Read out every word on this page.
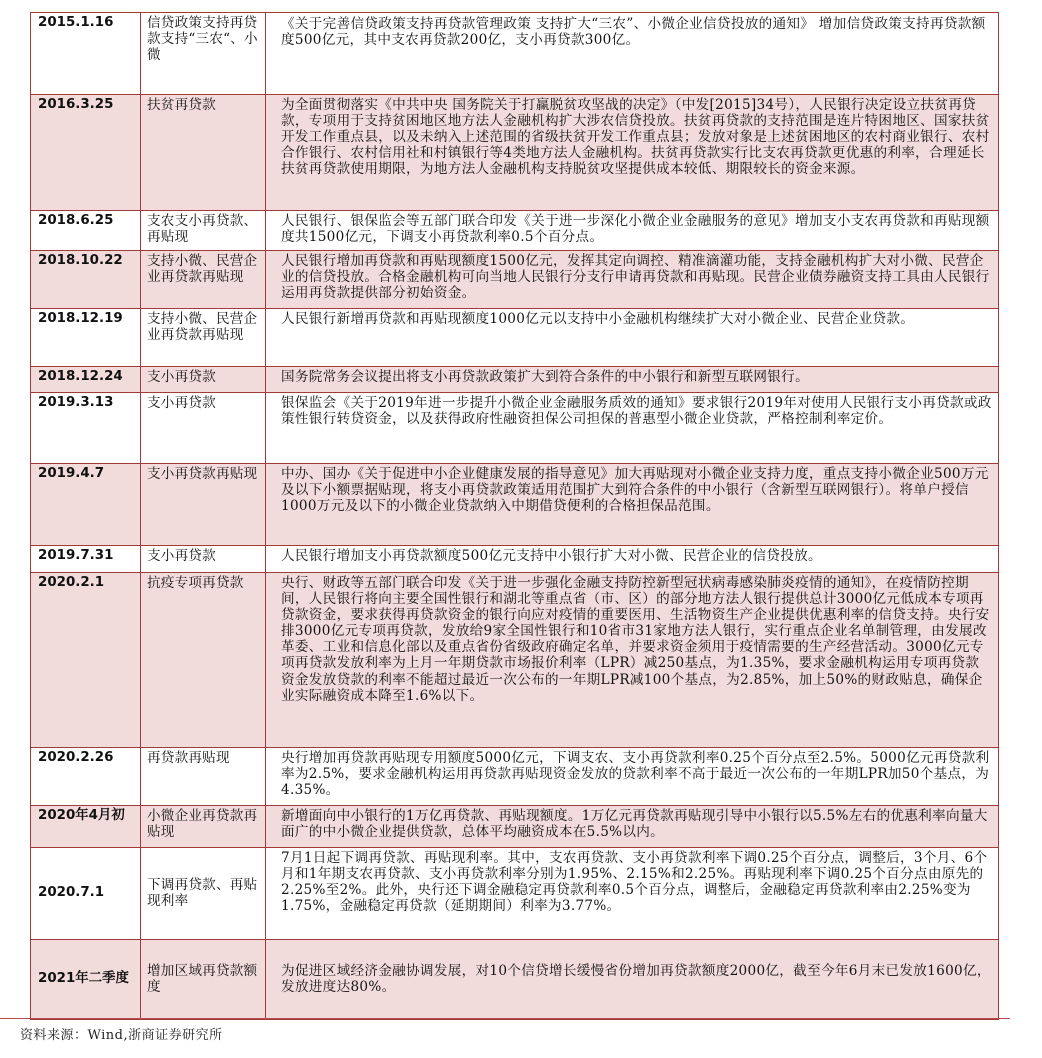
2015.1.16	信贷政策支持再贷款支持“三农“、小微	《关于完善信贷政策支持再贷款管理政策 支持扩大“三农”、小微企业信贷投放的通知》 增加信贷政策支持再贷款额度500亿元，其中支农再贷款200亿，支小再贷款300亿。
2016.3.25	扶贫再贷款	为全面贯彻落实《中共中央 国务院关于打赢脱贫攻坚战的决定》（中发[2015]34号），人民银行决定设立扶贫再贷款，专项用于支持贫困地区地方法人金融机构扩大涉农信贷投放。扶贫再贷款的支持范围是连片特困地区、国家扶贫开发工作重点县，以及未纳入上述范围的省级扶贫开发工作重点县；发放对象是上述贫困地区的农村商业银行、农村合作银行、农村信用社和村镇银行等4类地方法人金融机构。扶贫再贷款实行比支农再贷款更优惠的利率，合理延长扶贫再贷款使用期限，为地方法人金融机构支持脱贫攻坚提供成本较低、期限较长的资金来源。
2018.6.25	支农支小再贷款、再贴现	人民银行、银保监会等五部门联合印发《关于进一步深化小微企业金融服务的意见》增加支小支农再贷款和再贴现额度共1500亿元，下调支小再贷款利率0.5个百分点。
2018.10.22	支持小微、民营企业再贷款再贴现	人民银行增加再贷款和再贴现额度1500亿元，发挥其定向调控、精准滴灌功能，支持金融机构扩大对小微、民营企业的信贷投放。合格金融机构可向当地人民银行分支行申请再贷款和再贴现。民营企业债券融资支持工具由人民银行运用再贷款提供部分初始资金。
2018.12.19	支持小微、民营企业再贷款再贴现	人民银行新增再贷款和再贴现额度1000亿元以支持中小金融机构继续扩大对小微企业、民营企业贷款。
2018.12.24	支小再贷款	国务院常务会议提出将支小再贷款政策扩大到符合条件的中小银行和新型互联网银行。
2019.3.13	支小再贷款	银保监会《关于2019年进一步提升小微企业金融服务质效的通知》要求银行2019年对使用人民银行支小再贷款或政策性银行转贷资金，以及获得政府性融资担保公司担保的普惠型小微企业贷款，严格控制利率定价。
2019.4.7	支小再贷款再贴现	中办、国办《关于促进中小企业健康发展的指导意见》加大再贴现对小微企业支持力度，重点支持小微企业500万元及以下小额票据贴现，将支小再贷款政策适用范围扩大到符合条件的中小银行（含新型互联网银行）。将单户授信1000万元及以下的小微企业贷款纳入中期借贷便利的合格担保品范围。
2019.7.31	支小再贷款	人民银行增加支小再贷款额度500亿元支持中小银行扩大对小微、民营企业的信贷投放。
2020.2.1	抗疫专项再贷款	央行、财政等五部门联合印发《关于进一步强化金融支持防控新型冠状病毒感染肺炎疫情的通知》，在疫情防控期间，人民银行将向主要全国性银行和湖北等重点省（市、区）的部分地方法人银行提供总计3000亿元低成本专项再贷款资金，要求获得再贷款资金的银行向应对疫情的重要医用、生活物资生产企业提供优惠利率的信贷支持。央行安排3000亿元专项再贷款，发放给9家全国性银行和10省市31家地方法人银行，实行重点企业名单制管理，由发展改革委、工业和信息化部以及重点省份省级政府确定名单，并要求资金须用于疫情需要的生产经营活动。3000亿元专项再贷款发放利率为上月一年期贷款市场报价利率（LPR）减250基点，为1.35%，要求金融机构运用专项再贷款资金发放贷款的利率不能超过最近一次公布的一年期LPR减100个基点，为2.85%，加上50%的财政贴息，确保企业实际融资成本降至1.6%以下。
2020.2.26	再贷款再贴现	央行增加再贷款再贴现专用额度5000亿元，下调支农、支小再贷款利率0.25个百分点至2.5%。5000亿元再贷款利率为2.5%，要求金融机构运用再贷款再贴现资金发放的贷款利率不高于最近一次公布的一年期LPR加50个基点，为4.35%。
2020年4月初	小微企业再贷款再贴现	新增面向中小银行的1万亿再贷款、再贴现额度。1万亿元再贷款再贴现引导中小银行以5.5%左右的优惠利率向量大面广的中小微企业提供贷款，总体平均融资成本在5.5%以内。
2020.7.1	下调再贷款、再贴现利率	7月1日起下调再贷款、再贴现利率。其中，支农再贷款、支小再贷款利率下调0.25个百分点，调整后，3个月、6个月和1年期支农再贷款、支小再贷款利率分别为1.95%、2.15%和2.25%。再贴现利率下调0.25个百分点由原先的2.25%至2%。此外，央行还下调金融稳定再贷款利率0.5个百分点，调整后，金融稳定再贷款利率由2.25%变为1.75%，金融稳定再贷款（延期期间）利率为3.77%。
2021年二季度	增加区域再贷款额度	为促进区域经济金融协调发展，对10个信贷增长缓慢省份增加再贷款额度2000亿，截至今年6月末已发放1600亿，发放进度达80%。
资料来源：Wind,浙商证券研究所
